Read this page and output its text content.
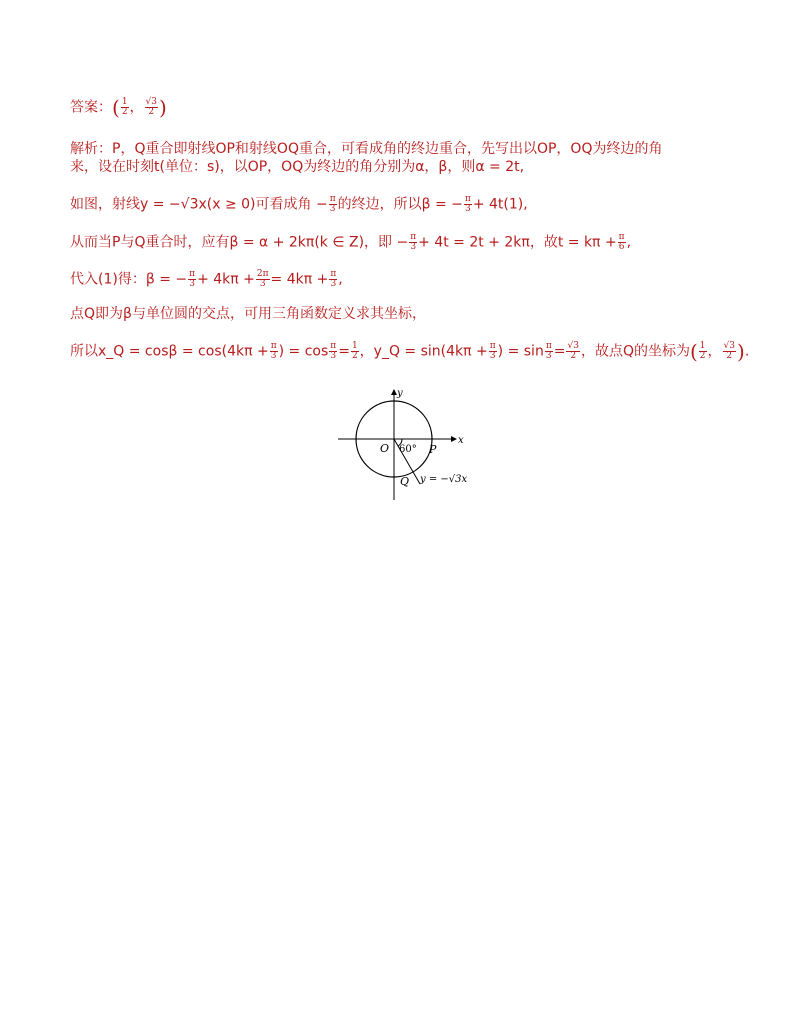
答案：( $\frac{1}{2}$ ， $\frac{√3}{2}$ )
解析：P，Q重合即射线OP和射线OQ重合，可看成角的终边重合，先写出以OP，OQ为终边的角
来，设在时刻t(单位：s)，以OP，OQ为终边的角分别为α，β，则α = 2t,
如图，射线y = −√3x(x ≥ 0)可看成角 − $\frac{\pi}{3}$ 的终边，所以β = − $\frac{\pi}{3} + 4t(1)$,
从而当P与Q重合时，应有β = α + 2kπ(k ∈ Z)，即 − $\frac{\pi}{3} + 4t = 2t + 2k\pi$，故$t = k\pi + \frac{\pi}{6}$ ,
代入(1)得：β = − $\frac{\pi}{3} + 4k\pi + \frac{2\pi}{3} = 4k\pi + \frac{\pi}{3}$ ,
点Q即为β与单位圆的交点，可用三角函数定义求其坐标，
所以x_Q = $\cos\beta = \cos(4k\pi + \frac{\pi}{3}$ ) = $\cos \frac{\pi}{3} = \frac{1}{2}$ ，y_Q = $\sin(4k\pi + \frac{\pi}{3}$ ) = $\sin \frac{\pi}{3} = \frac{√3}{2}$ ，故点Q的坐标为( $\frac{1}{2}$ ， $\frac{√3}{2}$ ).
y
x
O 60° P
Q y = −√3x
